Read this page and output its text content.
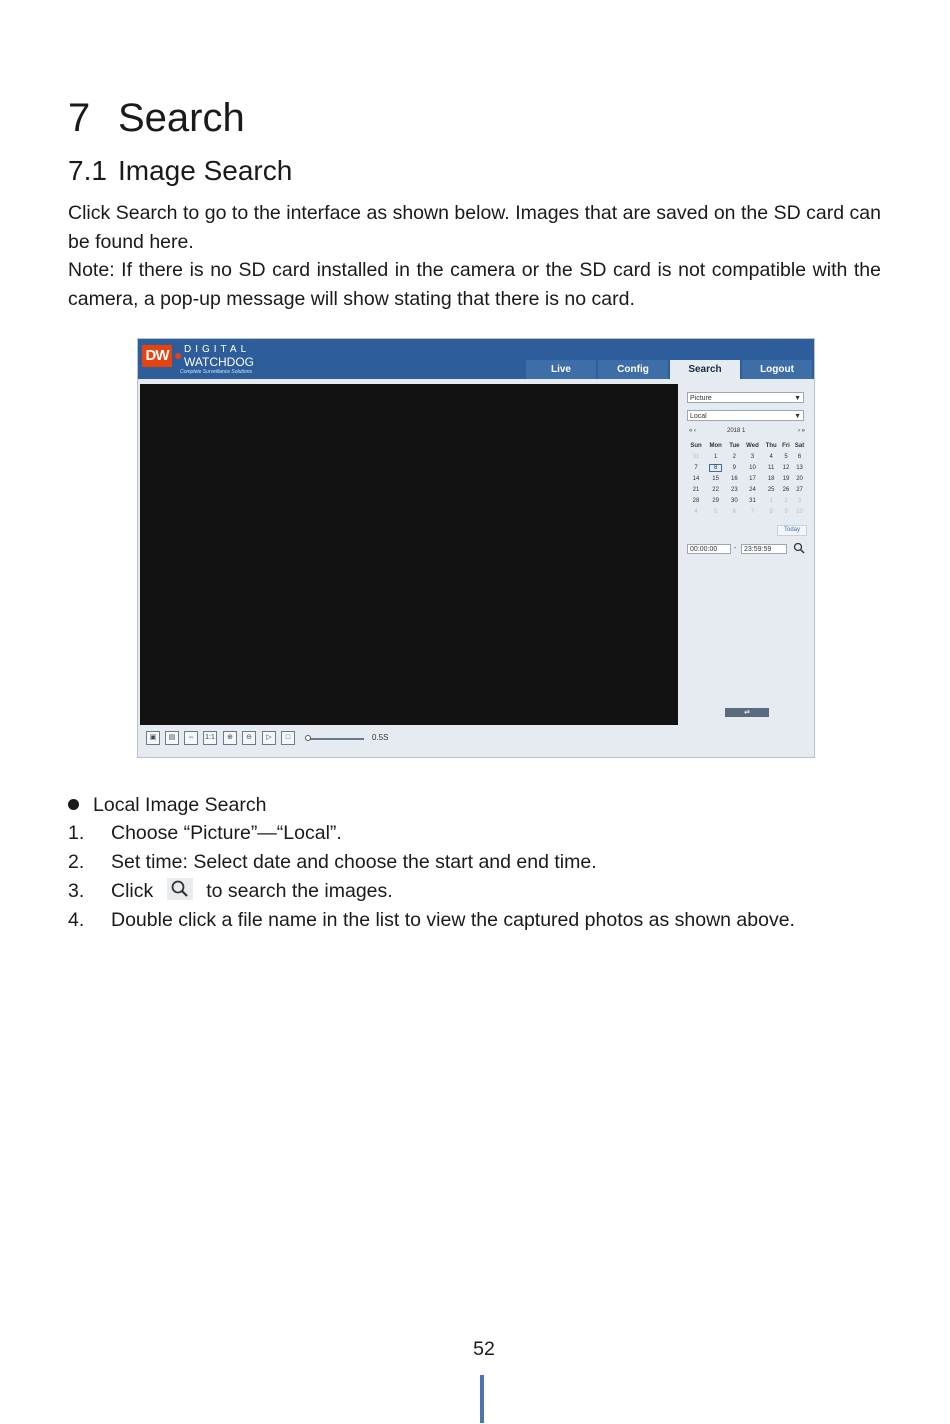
7 Search
7.1 Image Search

Click Search to go to the interface as shown below. Images that are saved on the SD card can be found here.

Note: If there is no SD card installed in the camera or the SD card is not compatible with the camera, a pop-up message will show stating that there is no card.

DW	DIGITAL
WATCHDOG
Complete Surveillance Solutions	Live	Config	Search	Logout
Picture	▼
Local	▼
« ‹	2018 1	› »
Sun	Mon	Tue	Wed	Thu	Fri	Sat
31	1	2	3	4	5	6
7	8	9	10	11	12	13
14	15	16	17	18	19	20
21	22	23	24	25	26	27
28	29	30	31	1	2	3
4	5	6	7	8	9	10
Today
00:00:00	-	23:59:59
⇌
▣	▤	⇔	1:1	⊕	⊖	▷	□	0.5S
Local Image Search
1. Choose “Picture”—“Local”.
2. Set time: Select date and choose the start and end time.
3. Click	to search the images.
4. Double click a file name in the list to view the captured photos as shown above.
52
